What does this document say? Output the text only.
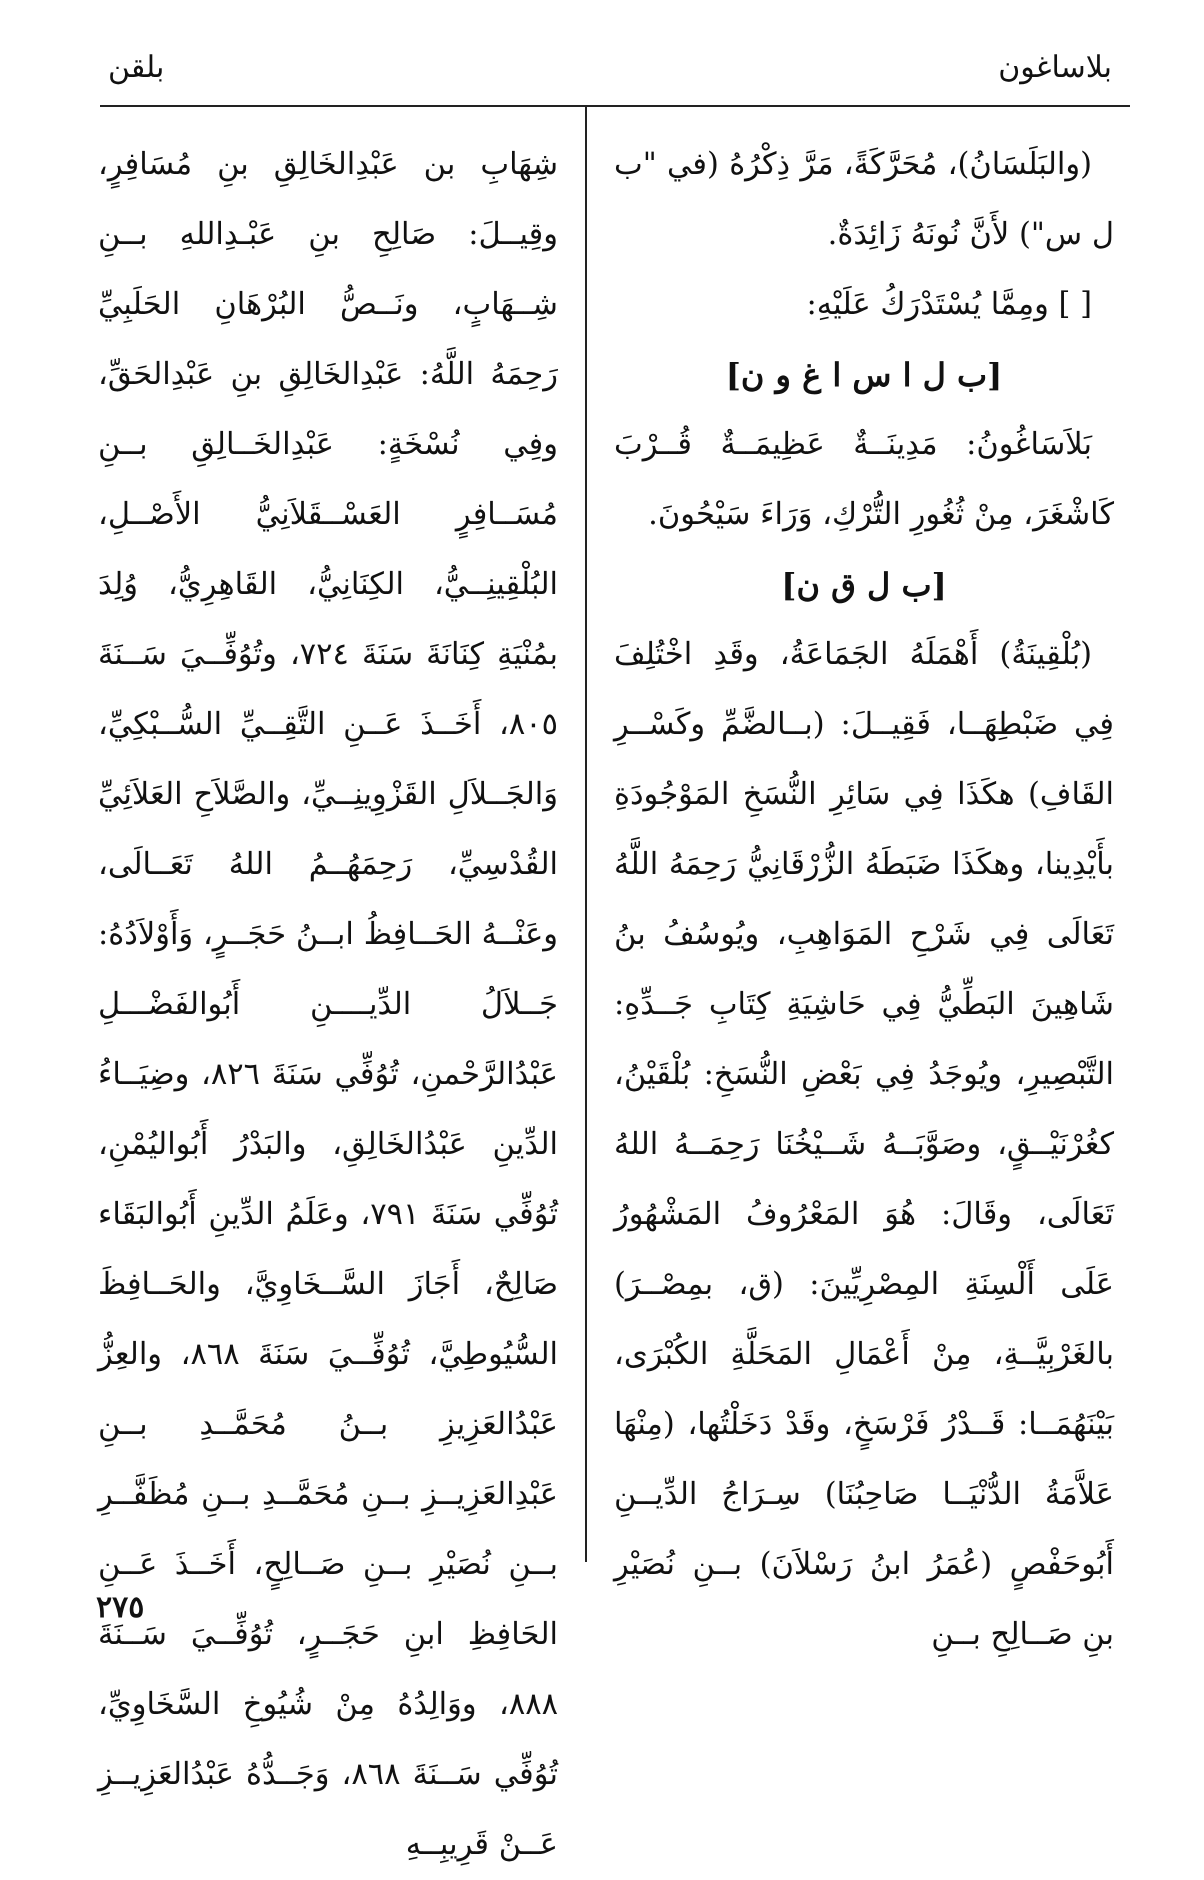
بلاساغون
بلقن

(والبَلَسَانُ)، مُحَرَّكَةً، مَرَّ ذِكْرُهُ (في "ب ل س") لأَنَّ نُونَهُ زَائِدَةٌ.

[ ] ومِمَّا يُسْتَدْرَكُ عَلَيْهِ:

[ب ل ا س ا غ و ن]

بَلاَسَاغُونُ: مَدِينَــةٌ عَظِيمَــةٌ قُــرْبَ كَاشْغَرَ، مِنْ ثُغُورِ التُّرْكِ، وَرَاءَ سَيْحُونَ.

[ب ل ق ن]

(بُلْقِينَةُ) أَهْمَلَهُ الجَمَاعَةُ، وقَدِ اخْتُلِفَ فِي ضَبْطِهَــا، فَقِيــلَ: (بــالضَّمِّ وكَسْــرِ القَافِ) هكَذَا فِي سَائِرِ النُّسَخِ المَوْجُودَةِ بأَيْدِينا، وهكَذَا ضَبَطَهُ الزُّرْقَانِيُّ رَحِمَهُ اللَّهُ تَعَالَى فِي شَرْحِ المَوَاهِبِ، ويُوسُفُ بنُ شَاهِينَ البَطِّيُّ فِي حَاشِيَةِ كِتَابِ جَــدِّهِ: التَّبْصِيرِ، ويُوجَدُ فِي بَعْضِ النُّسَخِ: بُلْقَيْنُ، كغُرْنَيْــقٍ، وصَوَّبَــهُ شَــيْخُنَا رَحِمَــهُ اللهُ تَعَالَى، وقَالَ: هُوَ المَعْرُوفُ المَشْهُورُ عَلَى أَلْسِنَةِ المِصْرِيِّينَ: (ق، بمِصْــرَ) بالغَرْبِيَّــةِ، مِنْ أَعْمَالِ المَحَلَّةِ الكُبْرَى، بَيْنَهُمَــا: قَــدْرُ فَرْسَخٍ، وقَدْ دَخَلْتُها، (مِنْهَا عَلاَّمَةُ الدُّنْيَــا صَاحِبُنَا) سِـرَاجُ الدِّيــنِ أَبُوحَفْصٍ (عُمَرُ ابنُ رَسْلاَنَ) بــنِ نُصَيْرِ بنِ صَــالِحِ بــنِ

شِهَابِ بن عَبْدِالخَالِقِ بنِ مُسَافِرٍ، وقِيــلَ: صَالِحِ بنِ عَبْـدِاللهِ بــنِ شِــهَابٍ، ونَــصُّ البُرْهَانِ الحَلَبِيِّ رَحِمَهُ اللَّهُ: عَبْدِالخَالِقِ بنِ عَبْدِالحَقِّ، وفِي نُسْخَةٍ: عَبْدِالخَــالِقِ بــنِ مُسَــافِرٍ العَسْــقَلاَنِيُّ الأَصْــلِ، البُلْقِينِــيُّ، الكِنَانِيُّ، القَاهِرِيُّ، وُلِدَ بمُنْيَةِ كِنَانَةَ سَنَةَ ٧٢٤، وتُوُفِّــيَ سَــنَةَ ٨٠٥، أَخَــذَ عَــنِ التَّقِــيِّ السُّــبْكِيِّ، وَالجَــلاَلِ القَزْوِينِــيِّ، والصَّلاَحِ العَلاَئِيِّ القُدْسِيِّ، رَحِمَهُــمُ اللهُ تَعَــالَى، وعَنْــهُ الحَــافِظُ ابــنُ حَجَــرٍ، وَأَوْلاَدُهُ: جَــلاَلُ الدِّيــــنِ أَبُوالفَضْـــلِ عَبْدُالرَّحْمنِ، تُوُفِّي سَنَةَ ٨٢٦، وضِيَــاءُ الدِّينِ عَبْدُالخَالِقِ، والبَدْرُ أَبُواليُمْنِ، تُوُفِّي سَنَةَ ٧٩١، وعَلَمُ الدِّينِ أَبُوالبَقَاء صَالِحٌ، أَجَازَ السَّــخَاوِيَّ، والحَــافِظَ السُّيُوطِيَّ، تُوُفِّــيَ سَنَةَ ٨٦٨، والعِزُّ عَبْدُالعَزِيزِ بــنُ مُحَمَّــدِ بــنِ عَبْدِالعَزِيــزِ بــنِ مُحَمَّــدِ بــنِ مُظَفَّــرِ بــنِ نُصَيْرِ بــنِ صَــالِحٍ، أَخَــذَ عَــنِ الحَافِظِ ابنِ حَجَــرٍ، تُوُفِّــيَ سَــنَةَ ٨٨٨، ووَالِدُهُ مِنْ شُيُوخِ السَّخَاوِيِّ، تُوُفِّي سَــنَةَ ٨٦٨، وَجَــدُّهُ عَبْدُالعَزِيــزِ عَــنْ قَرِيبِــهِ

٢٧٥
